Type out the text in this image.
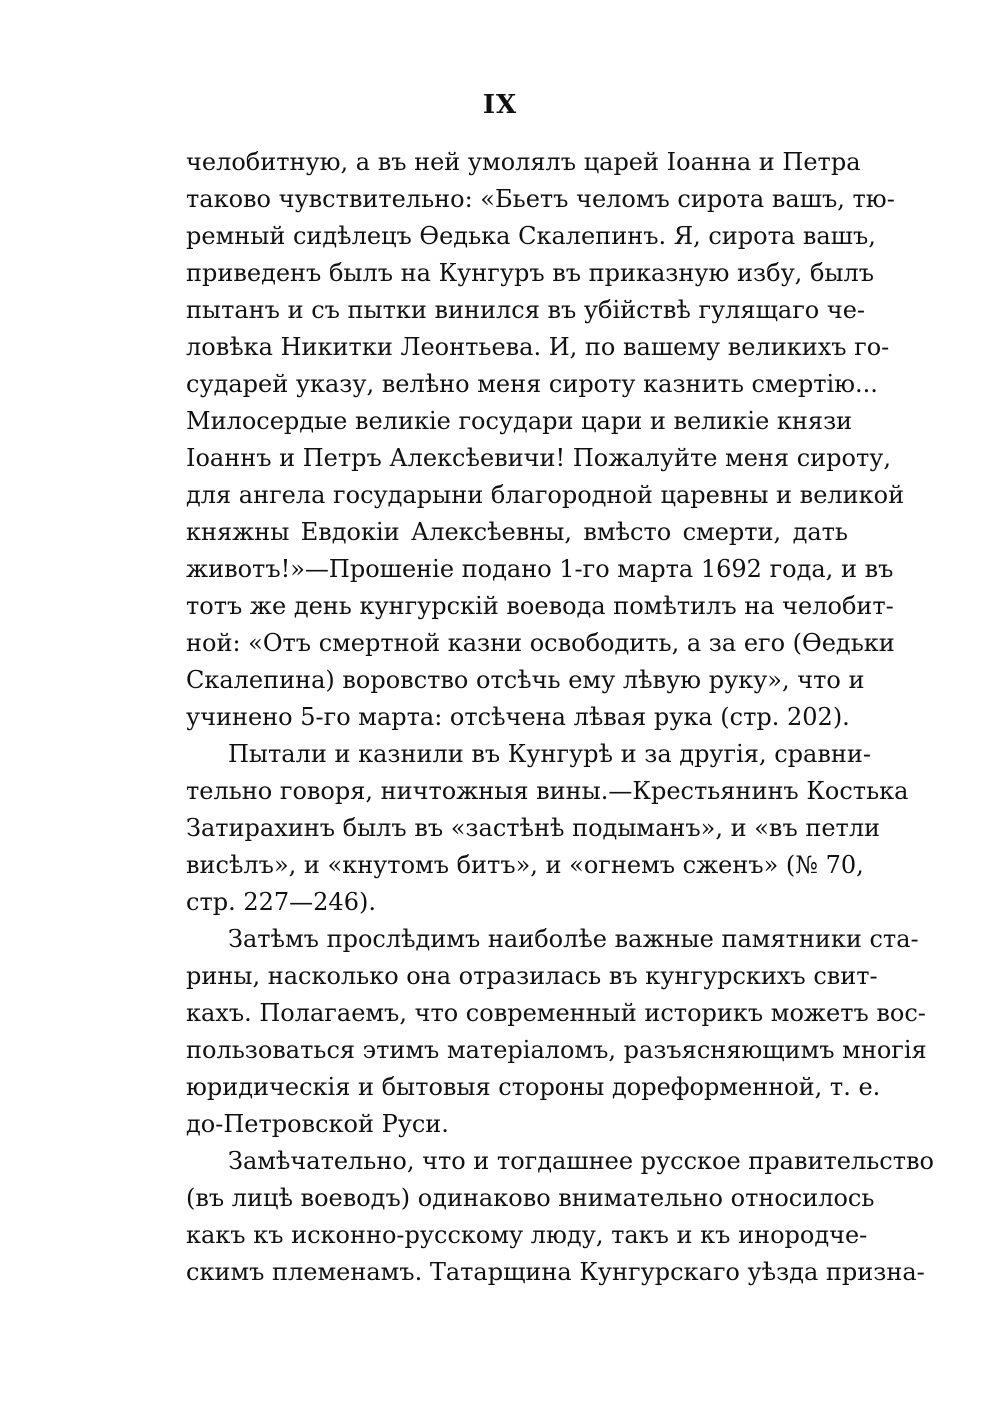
IX
челобитную, а въ ней умолялъ царей Іоанна и Петра
таково чувствительно: «Бьетъ челомъ сирота вашъ, тю-
ремный сидѣлецъ Ѳедька Скалепинъ. Я, сирота вашъ,
приведенъ былъ на Кунгуръ въ приказную избу, былъ
пытанъ и съ пытки винился въ убійствѣ гулящаго че-
ловѣка Никитки Леонтьева. И, по вашему великихъ го-
сударей указу, велѣно меня сироту казнить смертію...
Милосердые великіе государи цари и великіе князи
Іоаннъ и Петръ Алексѣевичи! Пожалуйте меня сироту,
для ангела государыни благородной царевны и великой
княжны Евдокіи Алексѣевны, вмѣсто смерти, дать
животъ!»—Прошеніе подано 1-го марта 1692 года, и въ
тотъ же день кунгурскій воевода помѣтилъ на челобит-
ной: «Отъ смертной казни освободить, а за его (Ѳедьки
Скалепина) воровство отсѣчь ему лѣвую руку», что и
учинено 5-го марта: отсѣчена лѣвая рука (стр. 202).
Пытали и казнили въ Кунгурѣ и за другія, сравни-
тельно говоря, ничтожныя вины.—Крестьянинъ Костька
Затирахинъ былъ въ «застѣнѣ подыманъ», и «въ петли
висѣлъ», и «кнутомъ битъ», и «огнемъ сженъ» (№ 70,
стр. 227—246).
Затѣмъ прослѣдимъ наиболѣе важные памятники ста-
рины, насколько она отразилась въ кунгурскихъ свит-
кахъ. Полагаемъ, что современный историкъ можетъ вос-
пользоваться этимъ матеріаломъ, разъясняющимъ многія
юридическія и бытовыя стороны дореформенной, т. е.
до-Петровской Руси.
Замѣчательно, что и тогдашнее русское правительство
(въ лицѣ воеводъ) одинаково внимательно относилось
какъ къ исконно-русскому люду, такъ и къ инородче-
скимъ племенамъ. Татарщина Кунгурскаго уѣзда призна-
